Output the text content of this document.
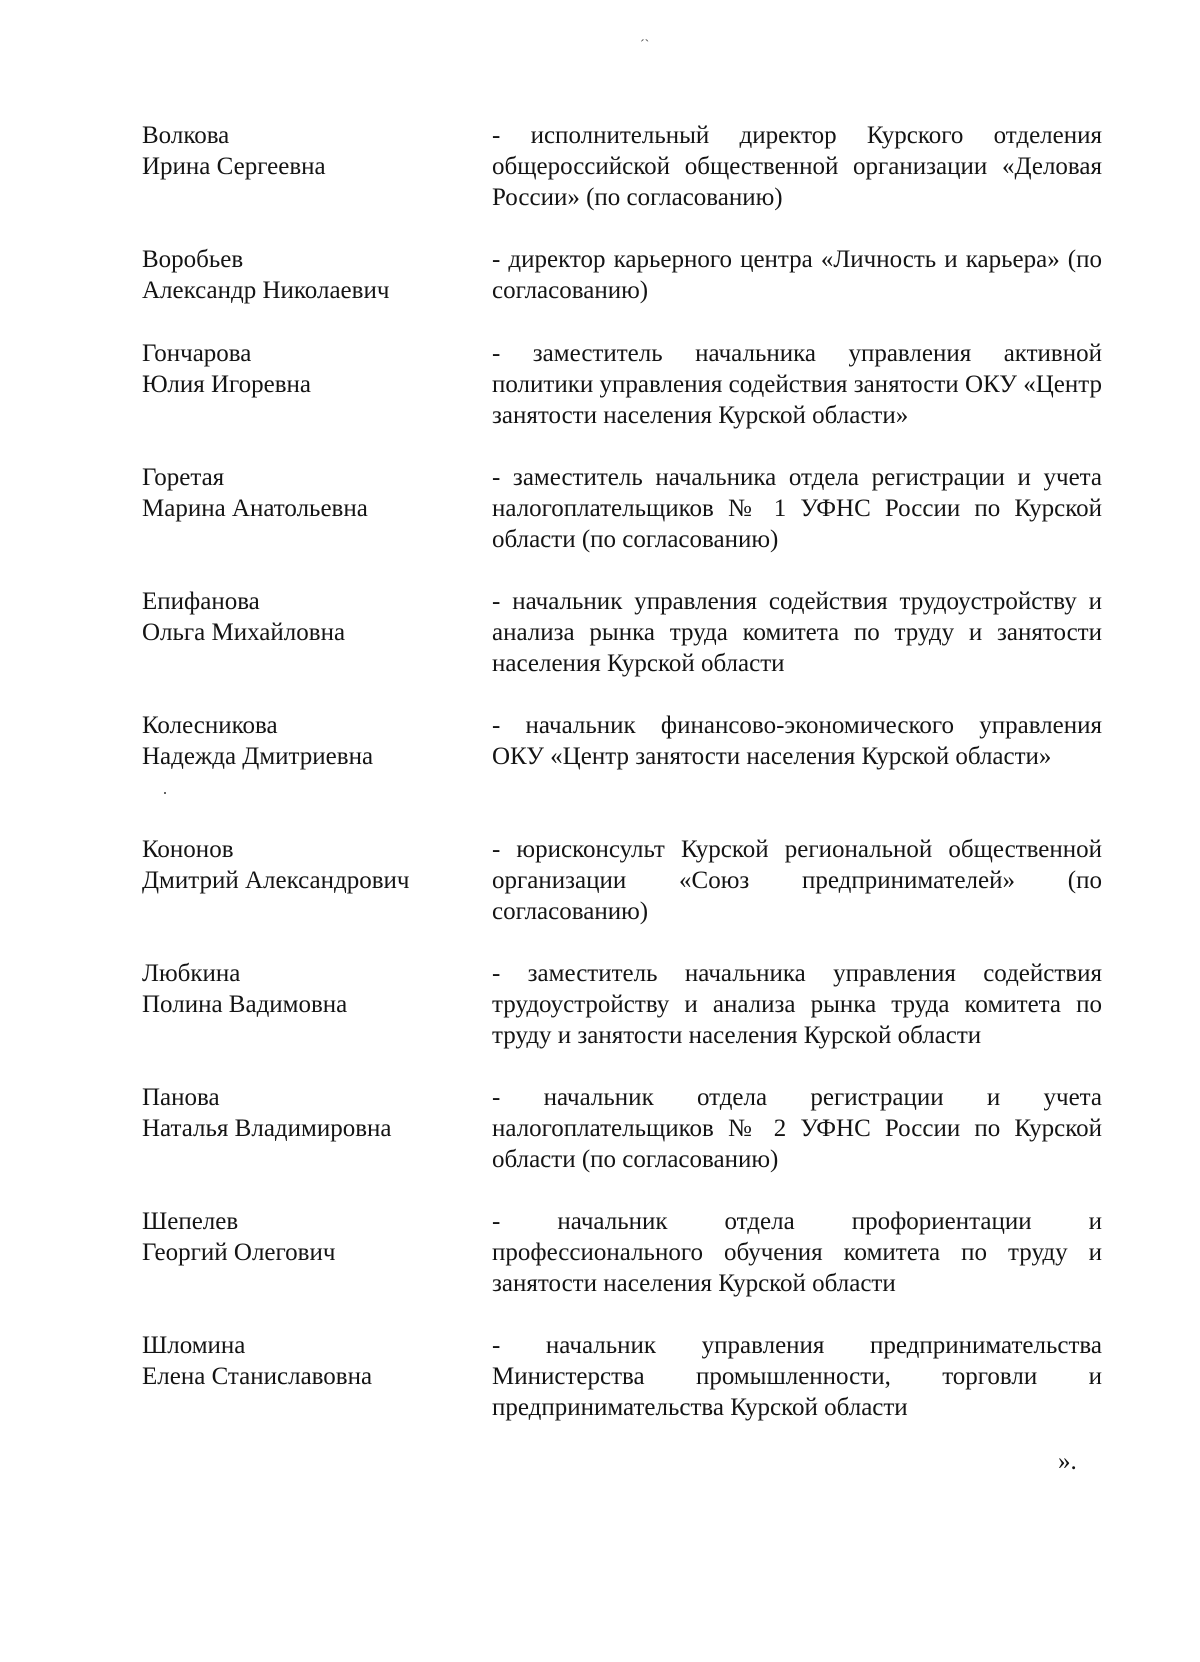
´`
Волкова
Ирина Сергеевна
- исполнительный директор Курского отделения общероссийской общественной организации «Деловая России» (по согласованию)
Воробьев
Александр Николаевич
- директор карьерного центра «Личность и карьера» (по согласованию)
Гончарова
Юлия Игоревна
- заместитель начальника управления активной политики управления содействия занятости ОКУ «Центр занятости населения Курской области»
Горетая
Марина Анатольевна
- заместитель начальника отдела регистрации и учета налогоплательщиков № 1 УФНС России по Курской области (по согласованию)
Епифанова
Ольга Михайловна
- начальник управления содействия трудоустройству и анализа рынка труда комитета по труду и занятости населения Курской области
Колесникова
Надежда Дмитриевна
- начальник финансово-экономического управления ОКУ «Центр занятости населения Курской области»
Кононов
Дмитрий Александрович
- юрисконсульт Курской региональной общественной организации «Союз предпринимателей» (по согласованию)
Любкина
Полина Вадимовна
- заместитель начальника управления содействия трудоустройству и анализа рынка труда комитета по труду и занятости населения Курской области
Панова
Наталья Владимировна
- начальник отдела регистрации и учета налогоплательщиков № 2 УФНС России по Курской области (по согласованию)
Шепелев
Георгий Олегович
- начальник отдела профориентации и профессионального обучения комитета по труду и занятости населения Курской области
Шломина
Елена Станиславовна
- начальник управления предпринимательства Министерства промышленности, торговли и предпринимательства Курской области
».
